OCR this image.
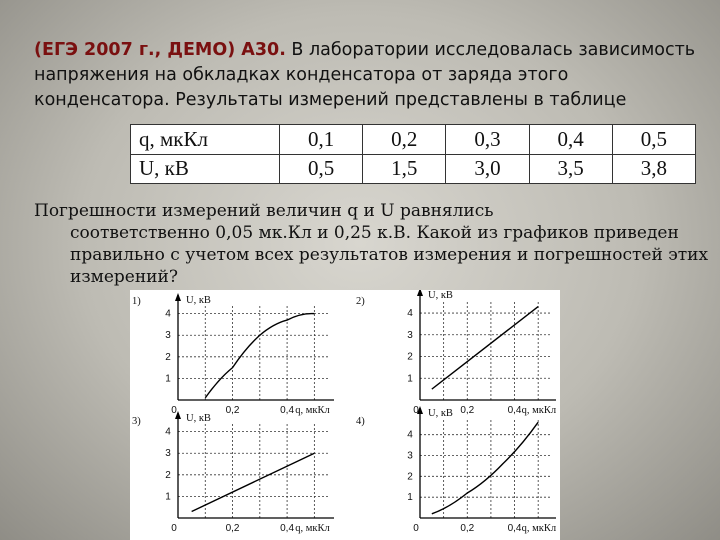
(ЕГЭ 2007 г., ДЕМО) А30. В лаборатории исследовалась зависимость напряжения на обкладках конденсатора от заряда этого конденсатора. Результаты измерений представлены в таблице
q, мкКл	0,1	0,2	0,3	0,4	0,5
U, кВ	0,5	1,5	3,0	3,5	3,8
Погрешности измерений величин q и U равнялись
соответственно 0,05 мк.Кл и 0,25 к.В. Какой из графиков приведен правильно с учетом всех результатов измерения и погрешностей этих измерений?
1)	U, кВ
q, мкКл
1
2
3
4
0	0,2	0,4
2)
U, кВ
q, мкКл
1
2
3
4
0	0,2	0,4
3)	U, кВ
q, мкКл
1
2
3
4
0	0,2	0,4
4)
U, кВ
q, мкКл
1
2
3
4
0	0,2	0,4
